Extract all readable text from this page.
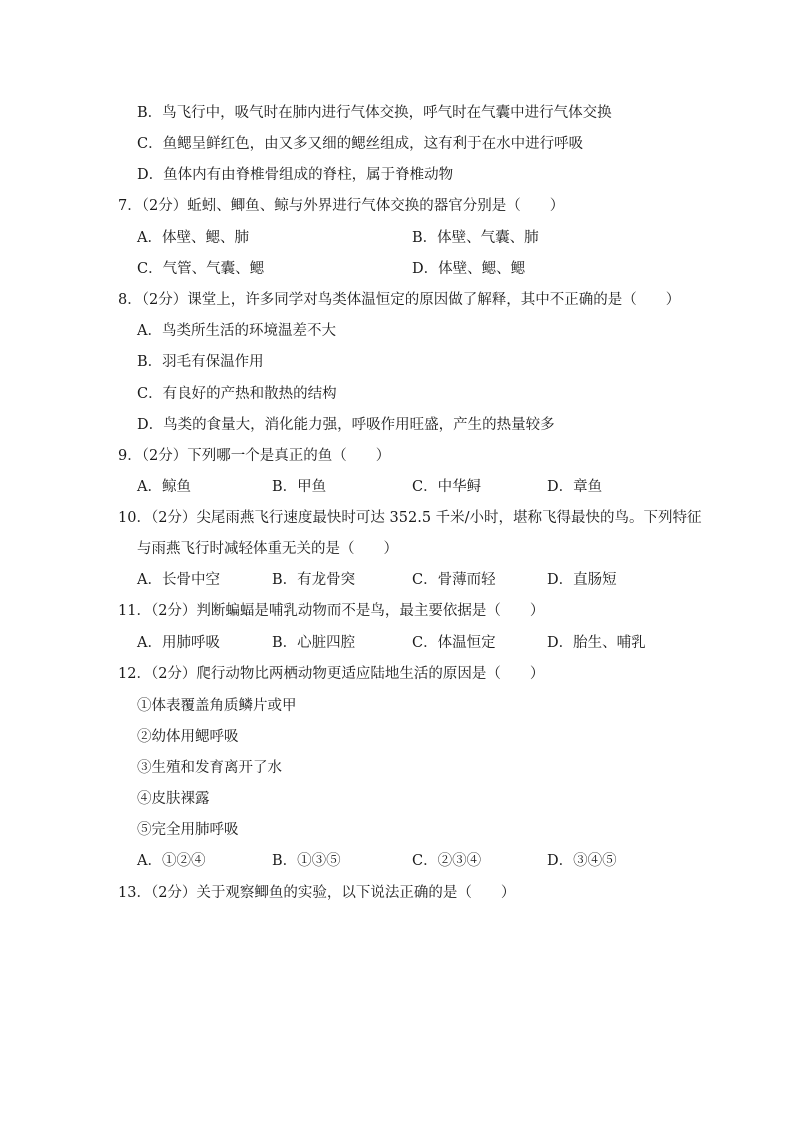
B．鸟飞行中，吸气时在肺内进行气体交换，呼气时在气囊中进行气体交换
C．鱼鳃呈鲜红色，由又多又细的鳃丝组成，这有利于在水中进行呼吸
D．鱼体内有由脊椎骨组成的脊柱，属于脊椎动物
7．（2分）蚯蚓、鲫鱼、鲸与外界进行气体交换的器官分别是（　　）
A．体壁、鳃、肺	B．体壁、气囊、肺
C．气管、气囊、鳃	D．体壁、鳃、鳃
8．（2分）课堂上，许多同学对鸟类体温恒定的原因做了解释，其中不正确的是（　　）
A．鸟类所生活的环境温差不大
B．羽毛有保温作用
C．有良好的产热和散热的结构
D．鸟类的食量大，消化能力强，呼吸作用旺盛，产生的热量较多
9．（2分）下列哪一个是真正的鱼（　　）
A．鲸鱼	B．甲鱼	C．中华鲟	D．章鱼
10．（2分）尖尾雨燕飞行速度最快时可达 352.5 千米/小时，堪称飞得最快的鸟。下列特征
与雨燕飞行时减轻体重无关的是（　　）
A．长骨中空	B．有龙骨突	C．骨薄而轻	D．直肠短
11．（2分）判断蝙蝠是哺乳动物而不是鸟，最主要依据是（　　）
A．用肺呼吸	B．心脏四腔	C．体温恒定	D．胎生、哺乳
12．（2分）爬行动物比两栖动物更适应陆地生活的原因是（　　）
①体表覆盖角质鳞片或甲
②幼体用鳃呼吸
③生殖和发育离开了水
④皮肤裸露
⑤完全用肺呼吸
A．①②④	B．①③⑤	C．②③④	D．③④⑤
13．（2分）关于观察鲫鱼的实验，以下说法正确的是（　　）
